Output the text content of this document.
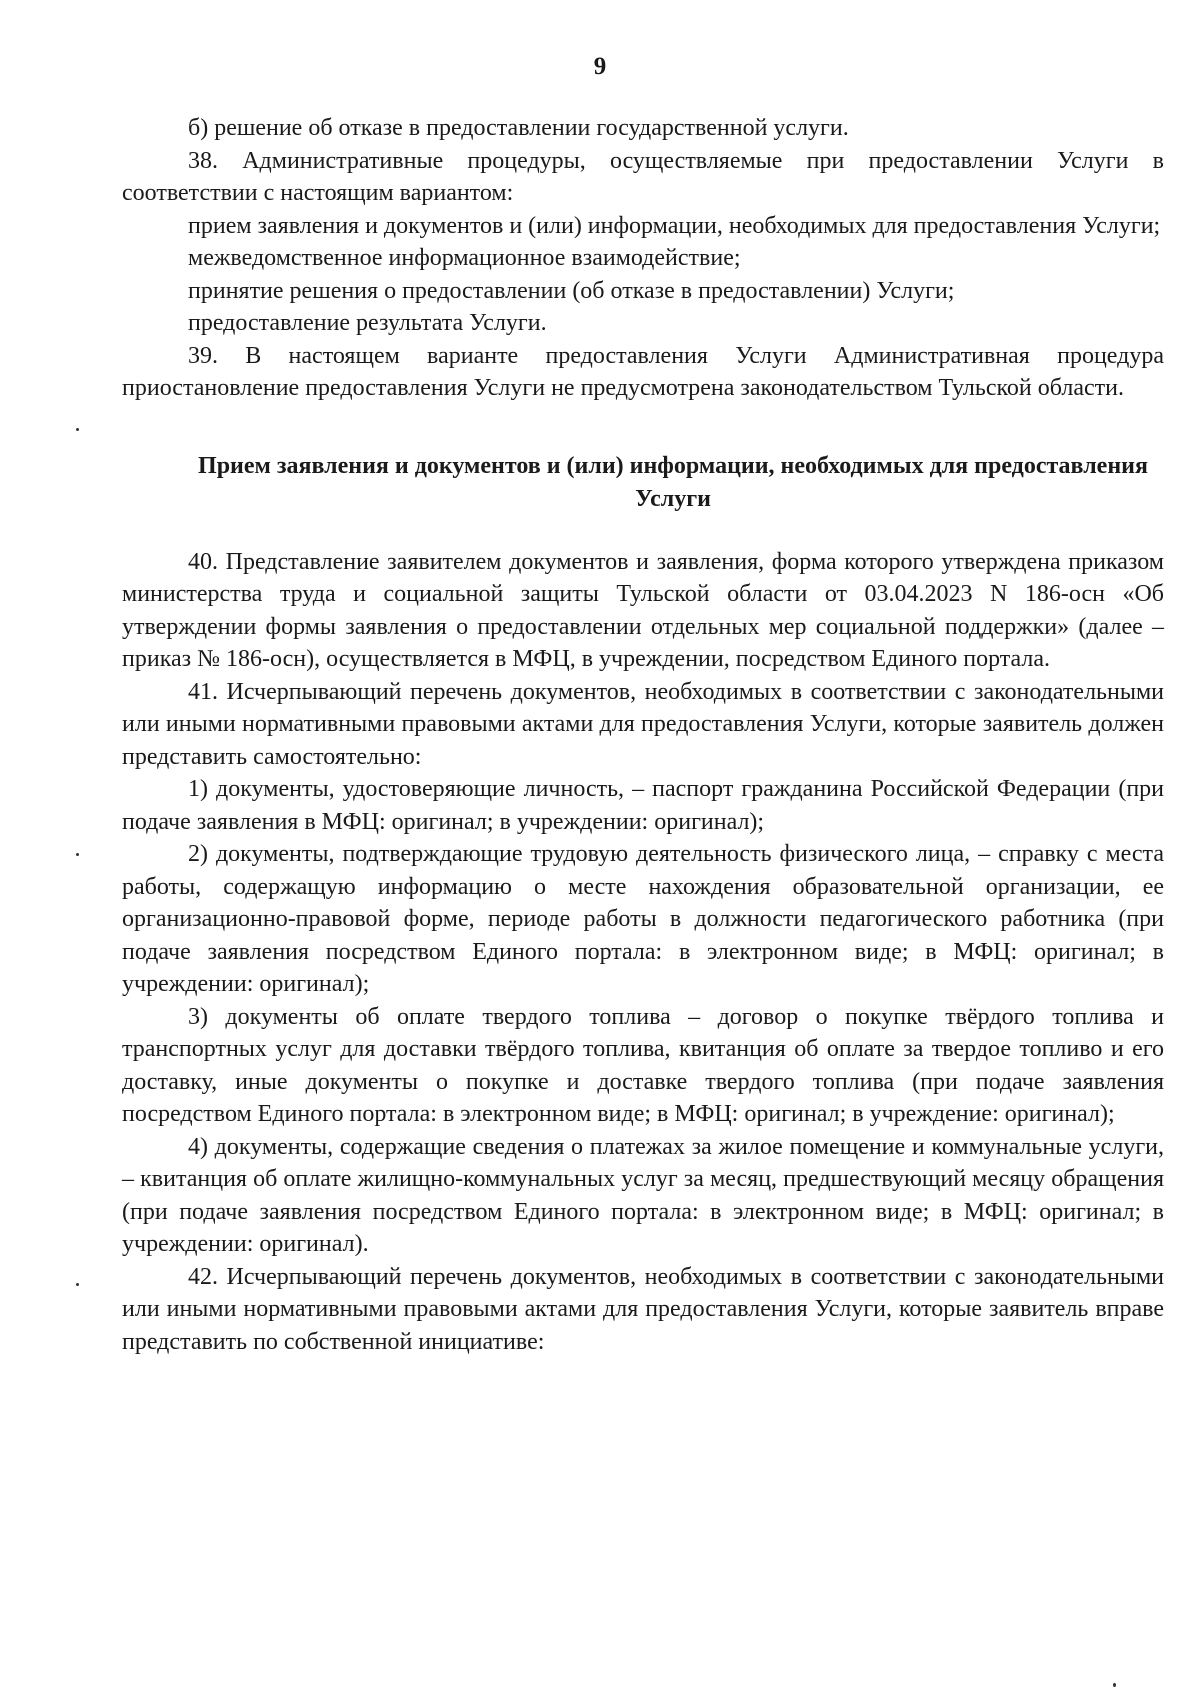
9

б) решение об отказе в предоставлении государственной услуги.

38. Административные процедуры, осуществляемые при предоставлении Услуги в соответствии с настоящим вариантом:

прием заявления и документов и (или) информации, необходимых для предоставления Услуги;

межведомственное информационное взаимодействие;

принятие решения о предоставлении (об отказе в предоставлении) Услуги;

предоставление результата Услуги.

39. В настоящем варианте предоставления Услуги Административная процедура приостановление предоставления Услуги не предусмотрена законодательством Тульской области.

Прием заявления и документов и (или) информации, необходимых для предоставления Услуги

40. Представление заявителем документов и заявления, форма которого утверждена приказом министерства труда и социальной защиты Тульской области от 03.04.2023 N 186-осн «Об утверждении формы заявления о предоставлении отдельных мер социальной поддержки» (далее – приказ № 186-осн), осуществляется в МФЦ, в учреждении, посредством Единого портала.

41. Исчерпывающий перечень документов, необходимых в соответствии с законодательными или иными нормативными правовыми актами для предоставления Услуги, которые заявитель должен представить самостоятельно:

1) документы, удостоверяющие личность, – паспорт гражданина Российской Федерации (при подаче заявления в МФЦ: оригинал; в учреждении: оригинал);

2) документы, подтверждающие трудовую деятельность физического лица, – справку с места работы, содержащую информацию о месте нахождения образовательной организации, ее организационно-правовой форме, периоде работы в должности педагогического работника (при подаче заявления посредством Единого портала: в электронном виде; в МФЦ: оригинал; в учреждении: оригинал);

3) документы об оплате твердого топлива – договор о покупке твёрдого топлива и транспортных услуг для доставки твёрдого топлива, квитанция об оплате за твердое топливо и его доставку, иные документы о покупке и доставке твердого топлива (при подаче заявления посредством Единого портала: в электронном виде; в МФЦ: оригинал; в учреждение: оригинал);

4) документы, содержащие сведения о платежах за жилое помещение и коммунальные услуги, – квитанция об оплате жилищно-коммунальных услуг за месяц, предшествующий месяцу обращения (при подаче заявления посредством Единого портала: в электронном виде; в МФЦ: оригинал; в учреждении: оригинал).

42. Исчерпывающий перечень документов, необходимых в соответствии с законодательными или иными нормативными правовыми актами для предоставления Услуги, которые заявитель вправе представить по собственной инициативе:
